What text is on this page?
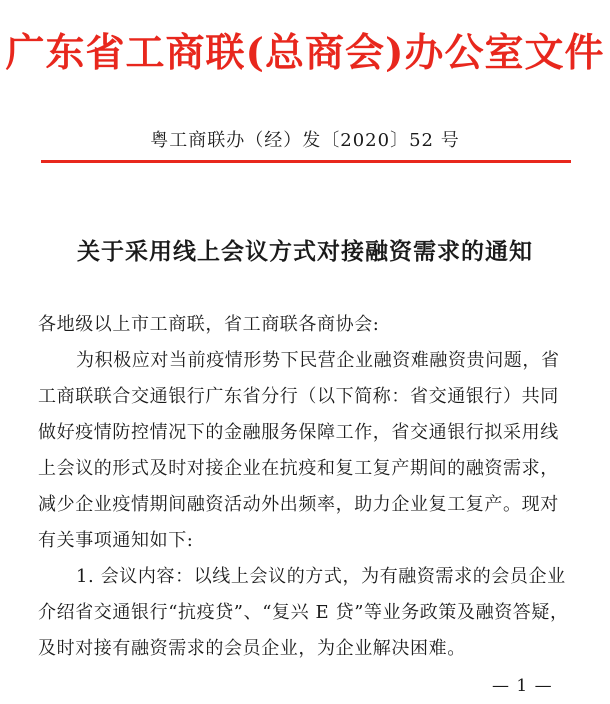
广东省工商联(总商会)办公室文件
粤工商联办（经）发〔2020〕52 号
关于采用线上会议方式对接融资需求的通知
各地级以上市工商联，省工商联各商协会:
为积极应对当前疫情形势下民营企业融资难融资贵问题，省
工商联联合交通银行广东省分行（以下简称：省交通银行）共同
做好疫情防控情况下的金融服务保障工作，省交通银行拟采用线
上会议的形式及时对接企业在抗疫和复工复产期间的融资需求，
减少企业疫情期间融资活动外出频率，助力企业复工复产。现对
有关事项通知如下:
1. 会议内容：以线上会议的方式，为有融资需求的会员企业
介绍省交通银行“抗疫贷”、“复兴 E 贷”等业务政策及融资答疑，
及时对接有融资需求的会员企业，为企业解决困难。
— 1 —
